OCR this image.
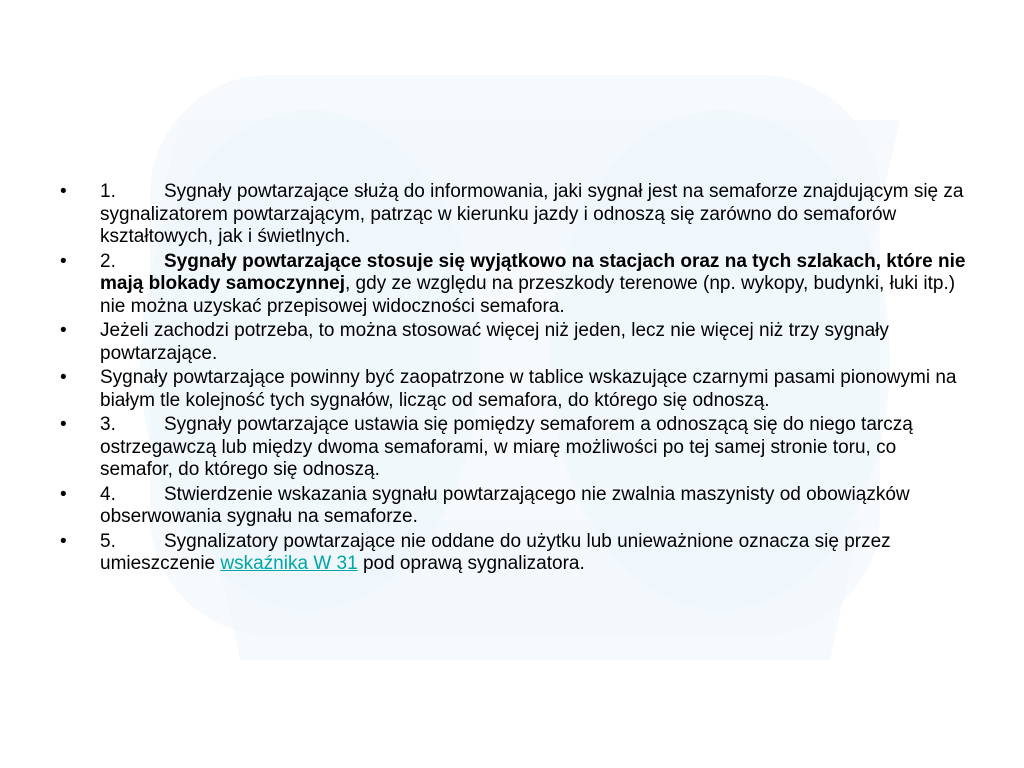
•	1.	Sygnały powtarzające służą do informowania, jaki sygnał jest na semaforze znajdującym się za sygnalizatorem powtarzającym, patrząc w kierunku jazdy i odnoszą się zarówno do semaforów kształtowych, jak i świetlnych.
•	2.	Sygnały powtarzające stosuje się wyjątkowo na stacjach oraz na tych szlakach, które nie mają blokady samoczynnej, gdy ze względu na przeszkody terenowe (np. wykopy, budynki, łuki itp.) nie można uzyskać przepisowej widoczności semafora.
•	Jeżeli zachodzi potrzeba, to można stosować więcej niż jeden, lecz nie więcej niż trzy sygnały powtarzające.
•	Sygnały powtarzające powinny być zaopatrzone w tablice wskazujące czarnymi pasami pionowymi na białym tle kolejność tych sygnałów, licząc od semafora, do którego się odnoszą.
•	3.	Sygnały powtarzające ustawia się pomiędzy semaforem a odnoszącą się do niego tarczą ostrzegawczą lub między dwoma semaforami, w miarę możliwości po tej samej stronie toru, co semafor, do którego się odnoszą.
•	4.	Stwierdzenie wskazania sygnału powtarzającego nie zwalnia maszynisty od obowiązków obserwowania sygnału na semaforze.
•	5.	Sygnalizatory powtarzające nie oddane do użytku lub unieważnione oznacza się przez umieszczenie wskaźnika W 31 pod oprawą sygnalizatora.
